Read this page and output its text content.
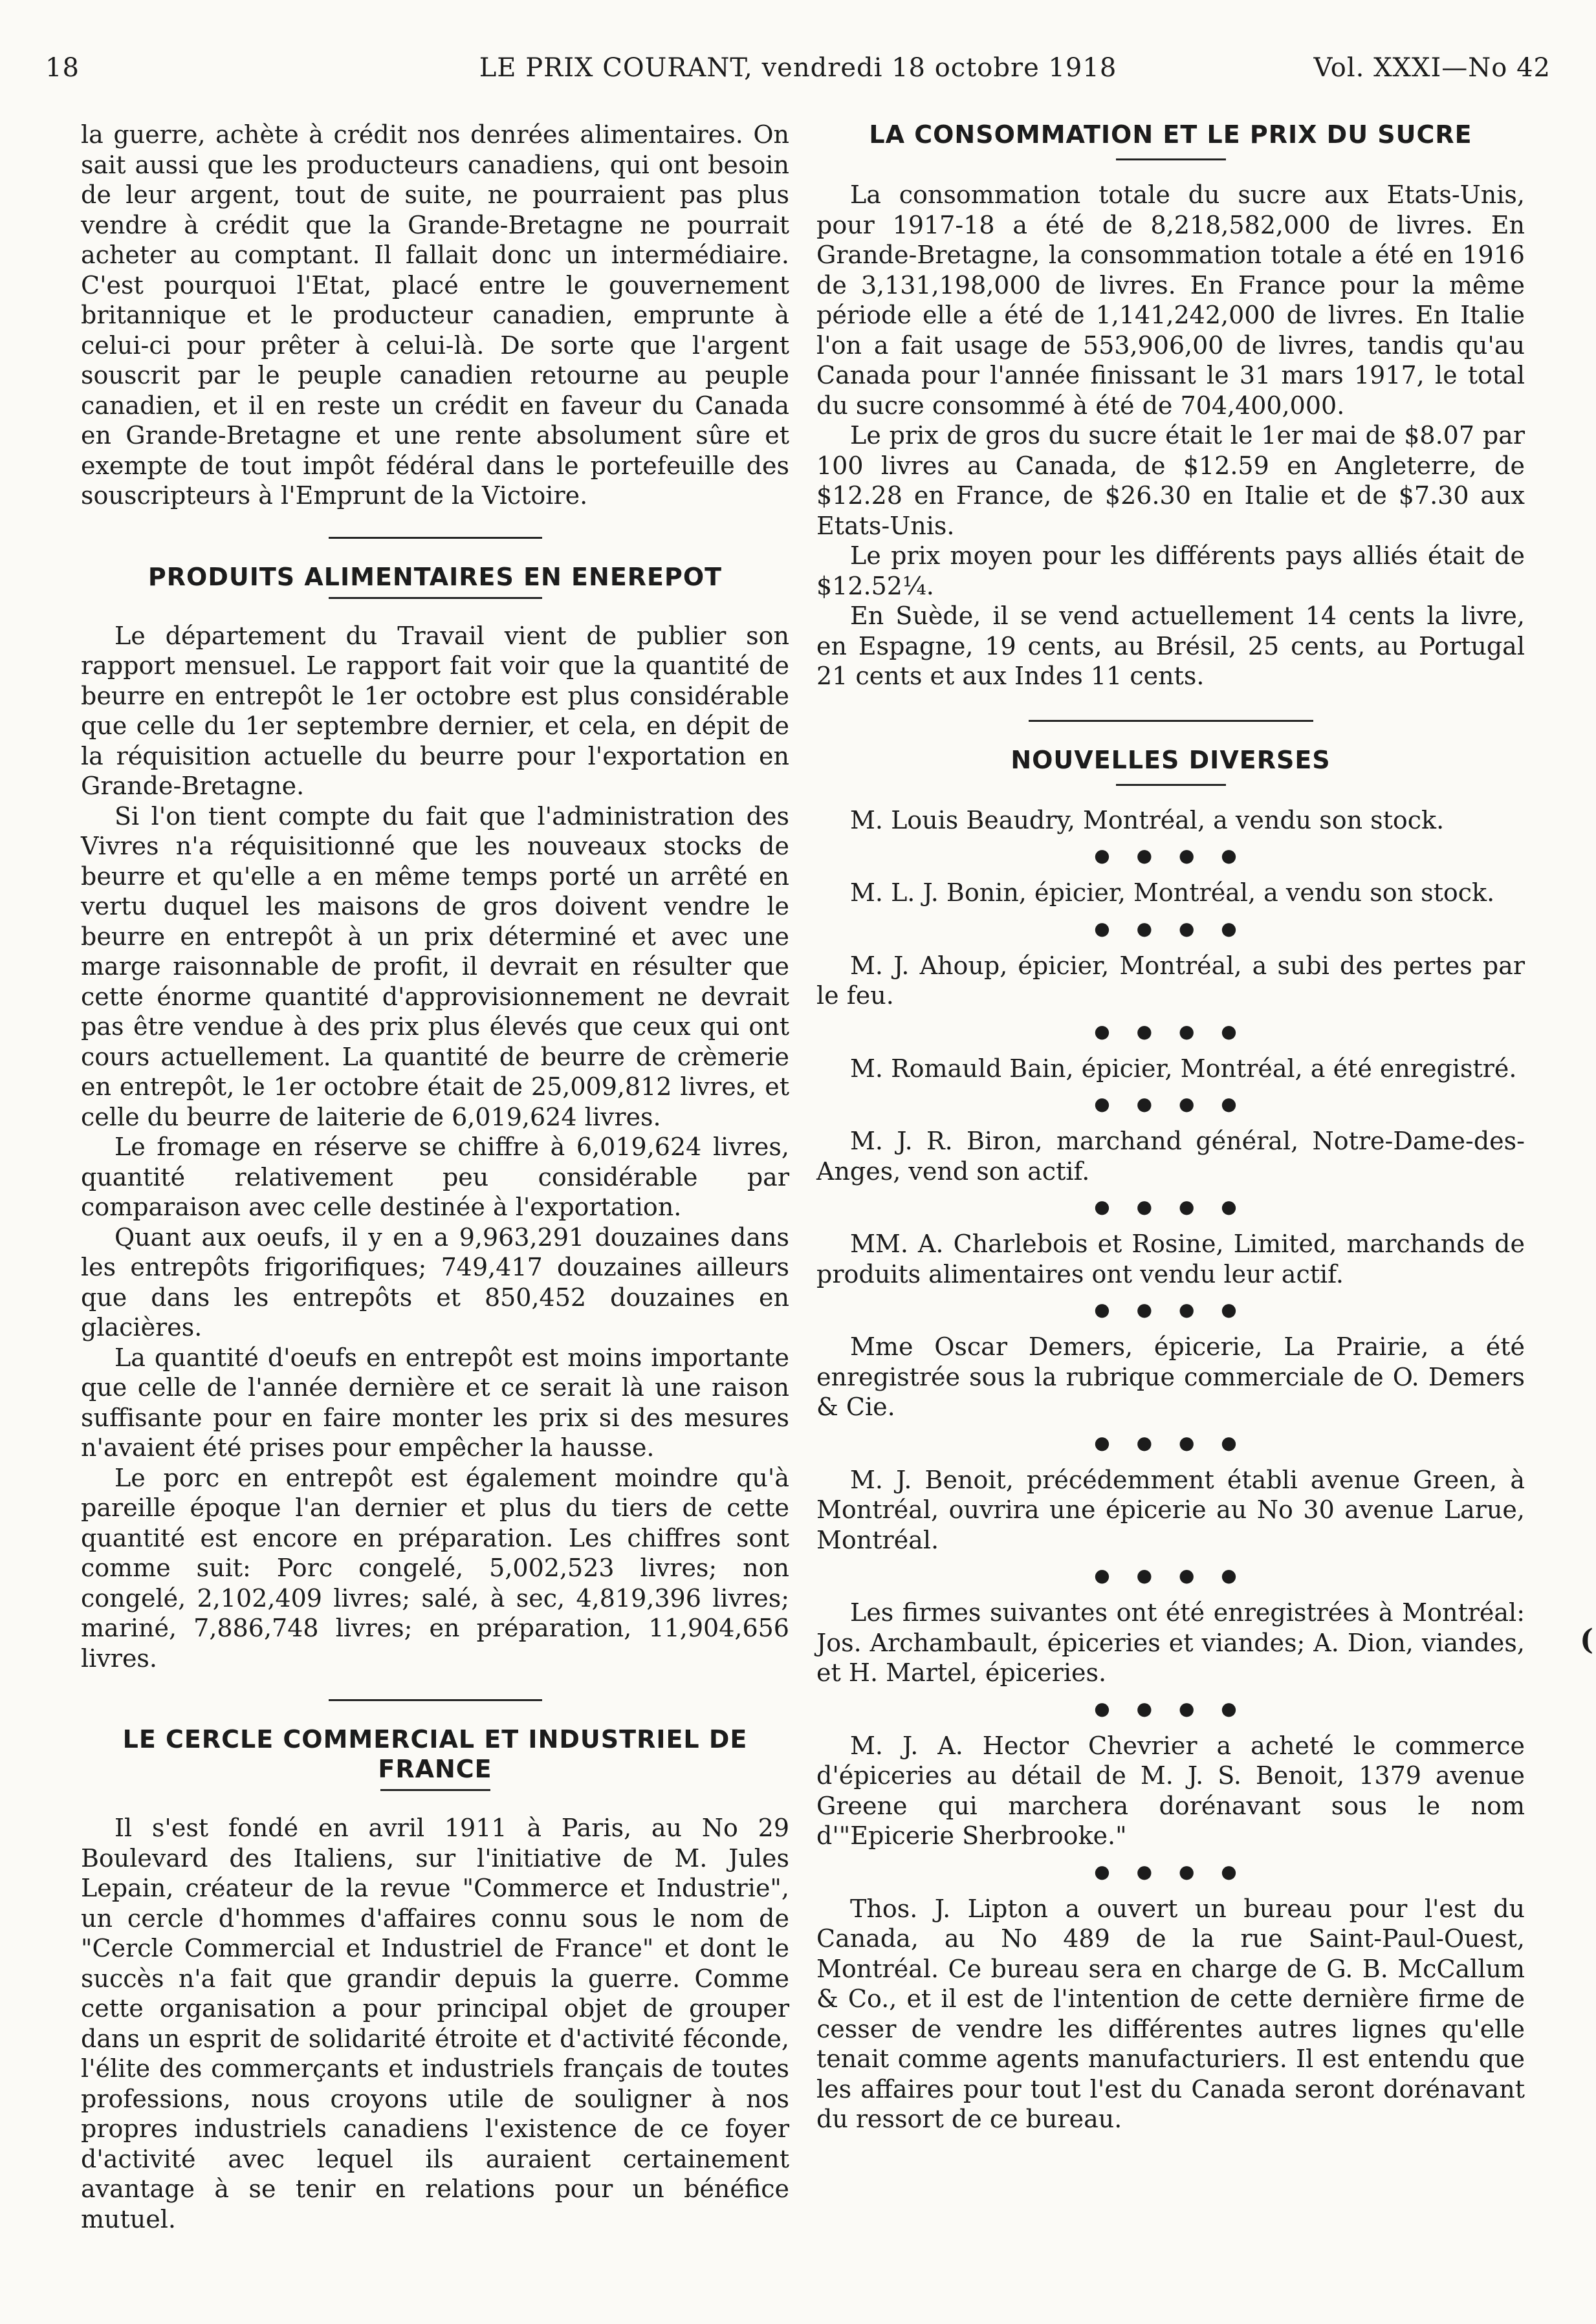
18	LE PRIX COURANT, vendredi 18 octobre 1918	Vol. XXXI—No 42

la guerre, achète à crédit nos denrées alimentaires. On sait aussi que les producteurs canadiens, qui ont besoin de leur argent, tout de suite, ne pourraient pas plus vendre à crédit que la Grande-Bretagne ne pourrait acheter au comptant. Il fallait donc un intermédiaire. C'est pourquoi l'Etat, placé entre le gouvernement britannique et le producteur canadien, emprunte à celui-ci pour prêter à celui-là. De sorte que l'argent souscrit par le peuple canadien retourne au peuple canadien, et il en reste un crédit en faveur du Canada en Grande-Bretagne et une rente absolument sûre et exempte de tout impôt fédéral dans le portefeuille des souscripteurs à l'Emprunt de la Victoire.

PRODUITS ALIMENTAIRES EN ENEREPOT

Le département du Travail vient de publier son rapport mensuel. Le rapport fait voir que la quantité de beurre en entrepôt le 1er octobre est plus considérable que celle du 1er septembre dernier, et cela, en dépit de la réquisition actuelle du beurre pour l'exportation en Grande-Bretagne.

Si l'on tient compte du fait que l'administration des Vivres n'a réquisitionné que les nouveaux stocks de beurre et qu'elle a en même temps porté un arrêté en vertu duquel les maisons de gros doivent vendre le beurre en entrepôt à un prix déterminé et avec une marge raisonnable de profit, il devrait en résulter que cette énorme quantité d'approvisionnement ne devrait pas être vendue à des prix plus élevés que ceux qui ont cours actuellement. La quantité de beurre de crèmerie en entrepôt, le 1er octobre était de 25,009,812 livres, et celle du beurre de laiterie de 6,019,624 livres.

Le fromage en réserve se chiffre à 6,019,624 livres, quantité relativement peu considérable par comparaison avec celle destinée à l'exportation.

Quant aux oeufs, il y en a 9,963,291 douzaines dans les entrepôts frigorifiques; 749,417 douzaines ailleurs que dans les entrepôts et 850,452 douzaines en glacières.

La quantité d'oeufs en entrepôt est moins importante que celle de l'année dernière et ce serait là une raison suffisante pour en faire monter les prix si des mesures n'avaient été prises pour empêcher la hausse.

Le porc en entrepôt est également moindre qu'à pareille époque l'an dernier et plus du tiers de cette quantité est encore en préparation. Les chiffres sont comme suit: Porc congelé, 5,002,523 livres; non congelé, 2,102,409 livres; salé, à sec, 4,819,396 livres; mariné, 7,886,748 livres; en préparation, 11,904,656 livres.

LE CERCLE COMMERCIAL ET INDUSTRIEL DE FRANCE

Il s'est fondé en avril 1911 à Paris, au No 29 Boulevard des Italiens, sur l'initiative de M. Jules Lepain, créateur de la revue "Commerce et Industrie", un cercle d'hommes d'affaires connu sous le nom de "Cercle Commercial et Industriel de France" et dont le succès n'a fait que grandir depuis la guerre. Comme cette organisation a pour principal objet de grouper dans un esprit de solidarité étroite et d'activité féconde, l'élite des commerçants et industriels français de toutes professions, nous croyons utile de souligner à nos propres industriels canadiens l'existence de ce foyer d'activité avec lequel ils auraient certainement avantage à se tenir en relations pour un bénéfice mutuel.

LA CONSOMMATION ET LE PRIX DU SUCRE

La consommation totale du sucre aux Etats-Unis, pour 1917-18 a été de 8,218,582,000 de livres. En Grande-Bretagne, la consommation totale a été en 1916 de 3,131,198,000 de livres. En France pour la même période elle a été de 1,141,242,000 de livres. En Italie l'on a fait usage de 553,906,00 de livres, tandis qu'au Canada pour l'année finissant le 31 mars 1917, le total du sucre consommé à été de 704,400,000.

Le prix de gros du sucre était le 1er mai de $8.07 par 100 livres au Canada, de $12.59 en Angleterre, de $12.28 en France, de $26.30 en Italie et de $7.30 aux Etats-Unis.

Le prix moyen pour les différents pays alliés était de $12.52¼.

En Suède, il se vend actuellement 14 cents la livre, en Espagne, 19 cents, au Brésil, 25 cents, au Portugal 21 cents et aux Indes 11 cents.

NOUVELLES DIVERSES

M. Louis Beaudry, Montréal, a vendu son stock.

● ● ● ●

M. L. J. Bonin, épicier, Montréal, a vendu son stock.

● ● ● ●

M. J. Ahoup, épicier, Montréal, a subi des pertes par le feu.

● ● ● ●

M. Romauld Bain, épicier, Montréal, a été enregistré.

● ● ● ●

M. J. R. Biron, marchand général, Notre-Dame-des-Anges, vend son actif.

● ● ● ●

MM. A. Charlebois et Rosine, Limited, marchands de produits alimentaires ont vendu leur actif.

● ● ● ●

Mme Oscar Demers, épicerie, La Prairie, a été enregistrée sous la rubrique commerciale de O. Demers & Cie.

● ● ● ●

M. J. Benoit, précédemment établi avenue Green, à Montréal, ouvrira une épicerie au No 30 avenue Larue, Montréal.

● ● ● ●

Les firmes suivantes ont été enregistrées à Montréal: Jos. Archambault, épiceries et viandes; A. Dion, viandes, et H. Martel, épiceries.

● ● ● ●

M. J. A. Hector Chevrier a acheté le commerce d'épiceries au détail de M. J. S. Benoit, 1379 avenue Greene qui marchera dorénavant sous le nom d'"Epicerie Sherbrooke."

● ● ● ●

Thos. J. Lipton a ouvert un bureau pour l'est du Canada, au No 489 de la rue Saint-Paul-Ouest, Montréal. Ce bureau sera en charge de G. B. McCallum & Co., et il est de l'intention de cette dernière firme de cesser de vendre les différentes autres lignes qu'elle tenait comme agents manufacturiers. Il est entendu que les affaires pour tout l'est du Canada seront dorénavant du ressort de ce bureau.

(
